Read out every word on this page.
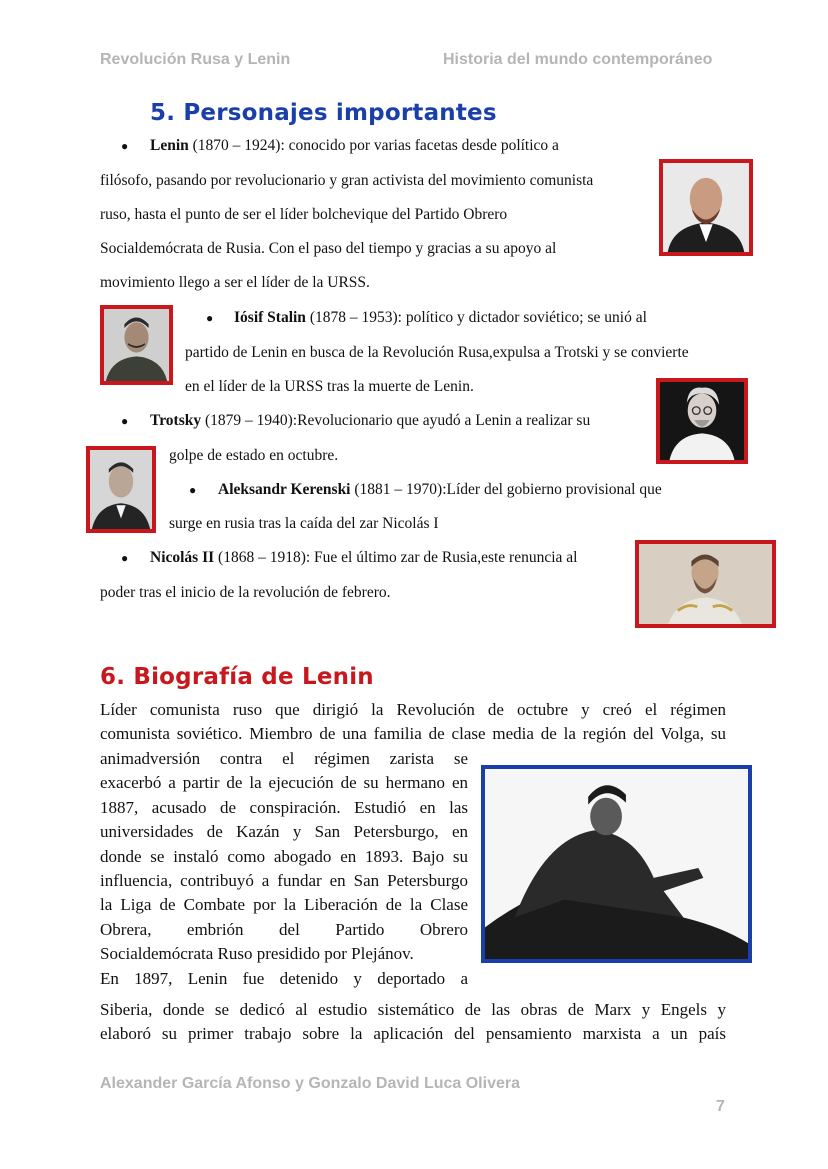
Revolución Rusa y Lenin	Historia del mundo contemporáneo
5. Personajes importantes
● Lenin (1870 – 1924): conocido por varias facetas desde político a
filósofo, pasando por revolucionario y gran activista del movimiento comunista
ruso, hasta el punto de ser el líder bolchevique del Partido Obrero
Socialdemócrata de Rusia. Con el paso del tiempo y gracias a su apoyo al
movimiento llego a ser el líder de la URSS.
● Iósif Stalin (1878 – 1953): político y dictador soviético; se unió al
partido de Lenin en busca de la Revolución Rusa,expulsa a Trotski y se convierte
en el líder de la URSS tras la muerte de Lenin.
● Trotsky (1879 – 1940):Revolucionario que ayudó a Lenin a realizar su
golpe de estado en octubre.
● Aleksandr Kerenski (1881 – 1970):Líder del gobierno provisional que
surge en rusia tras la caída del zar Nicolás I
● Nicolás II (1868 – 1918): Fue el último zar de Rusia,este renuncia al
poder tras el inicio de la revolución de febrero.
6. Biografía de Lenin
Líder comunista ruso que dirigió la Revolución de octubre y creó el régimen
comunista soviético. Miembro de una familia de clase media de la región del Volga, su
animadversión contra el régimen zarista se
exacerbó a partir de la ejecución de su hermano en
1887, acusado de conspiración. Estudió en las
universidades de Kazán y San Petersburgo, en
donde se instaló como abogado en 1893. Bajo su
influencia, contribuyó a fundar en San Petersburgo
la Liga de Combate por la Liberación de la Clase
Obrera, embrión del Partido Obrero
Socialdemócrata Ruso presidido por Plejánov.
En 1897, Lenin fue detenido y deportado a
Siberia, donde se dedicó al estudio sistemático de las obras de Marx y Engels y
elaboró su primer trabajo sobre la aplicación del pensamiento marxista a un país
Alexander García Afonso y Gonzalo David Luca Olivera
7
